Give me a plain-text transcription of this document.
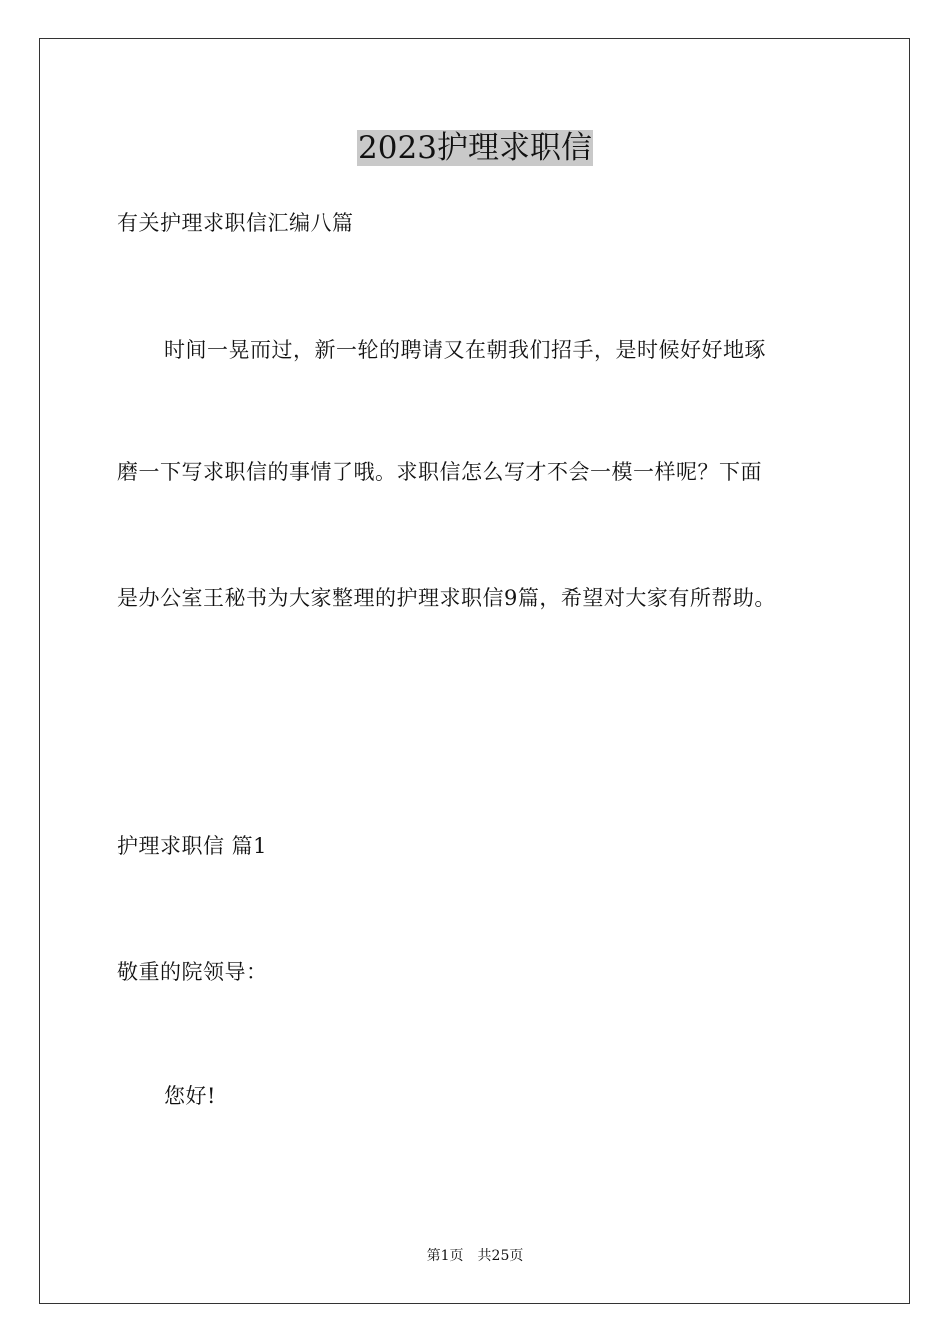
2023护理求职信
有关护理求职信汇编八篇
时间一晃而过，新一轮的聘请又在朝我们招手，是时候好好地琢
磨一下写求职信的事情了哦。求职信怎么写才不会一模一样呢？下面
是办公室王秘书为大家整理的护理求职信9篇，希望对大家有所帮助。
护理求职信 篇1
敬重的院领导：
您好!
第1页 共25页
